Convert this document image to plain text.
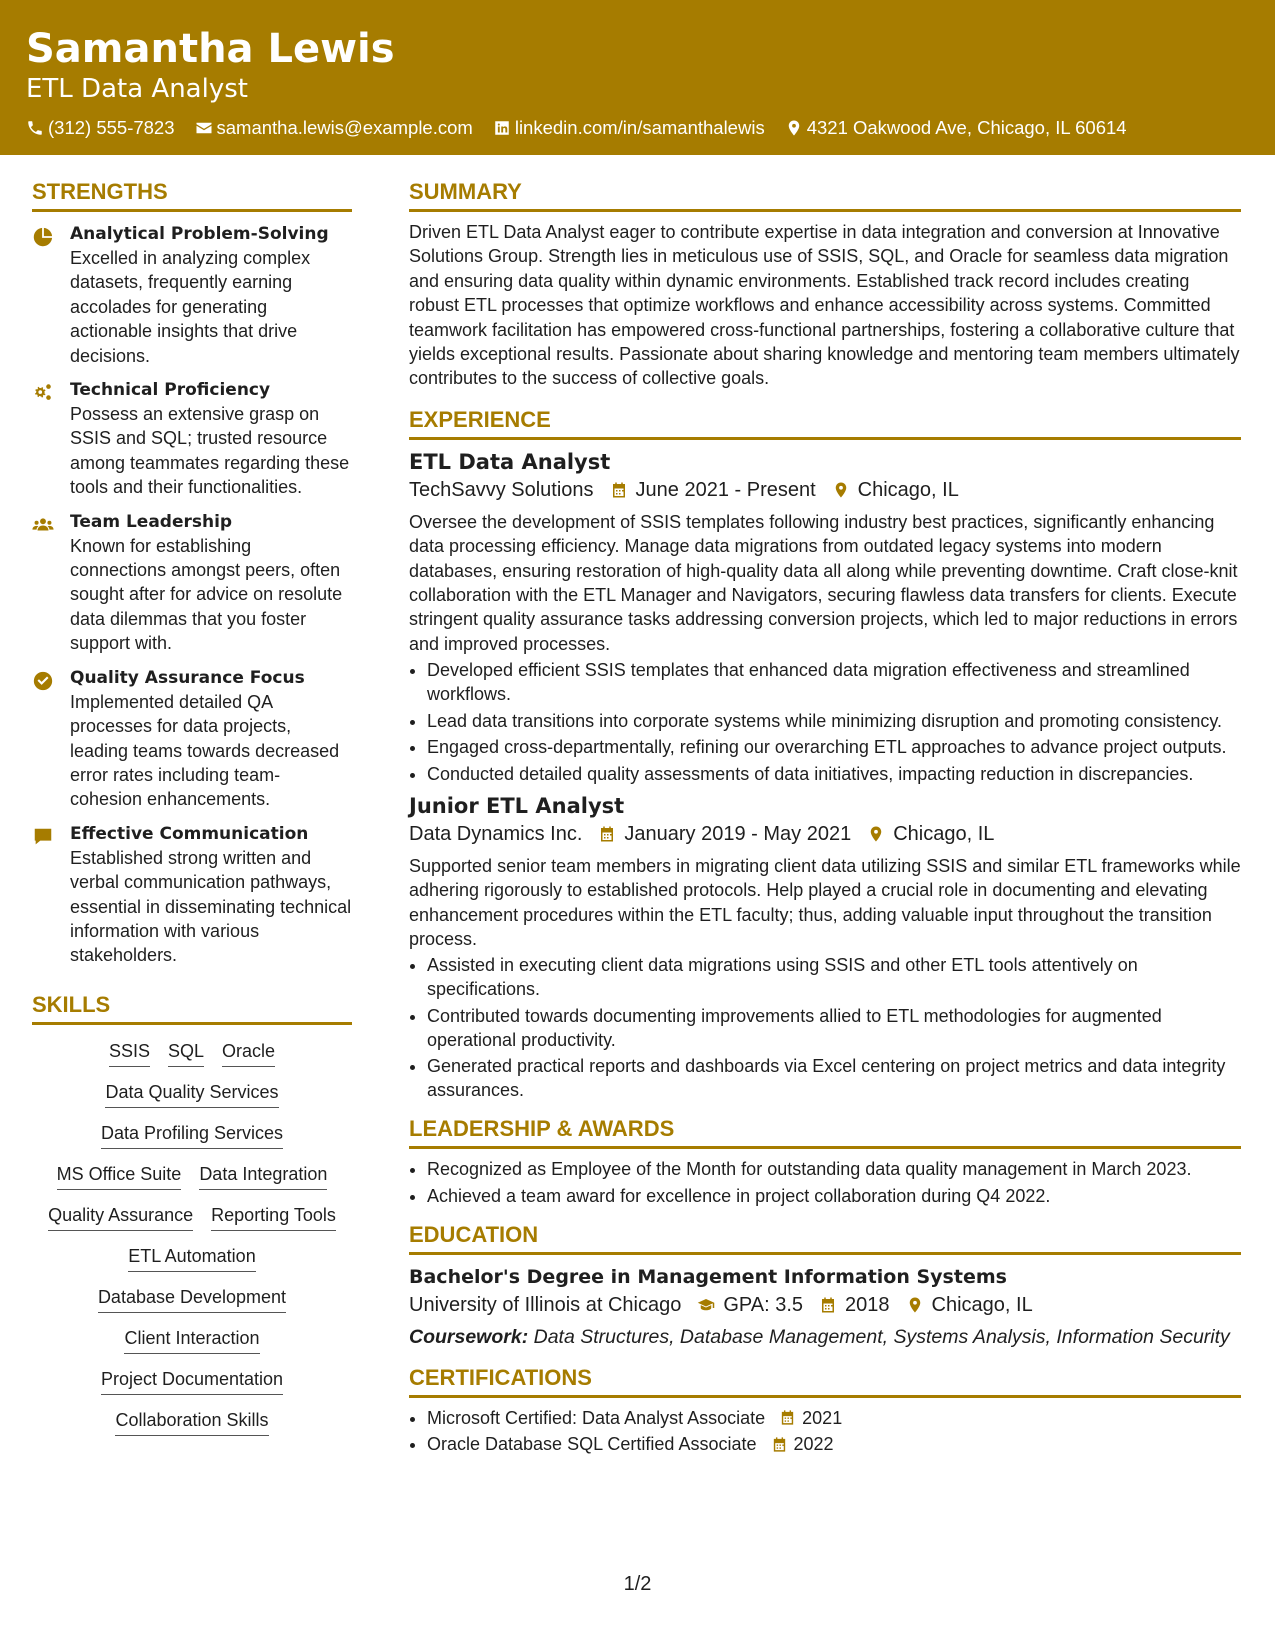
Samantha Lewis
ETL Data Analyst
(312) 555-7823 samantha.lewis@example.com linkedin.com/in/samanthalewis 4321 Oakwood Ave, Chicago, IL 60614
STRENGTHS
Analytical Problem-Solving
Excelled in analyzing complex datasets, frequently earning accolades for generating actionable insights that drive decisions.
Technical Proficiency
Possess an extensive grasp on SSIS and SQL; trusted resource among teammates regarding these tools and their functionalities.
Team Leadership
Known for establishing connections amongst peers, often sought after for advice on resolute data dilemmas that you foster support with.
Quality Assurance Focus
Implemented detailed QA processes for data projects, leading teams towards decreased error rates including team-cohesion enhancements.
Effective Communication
Established strong written and verbal communication pathways, essential in disseminating technical information with various stakeholders.
SKILLS
SSIS SQL Oracle
Data Quality Services
Data Profiling Services
MS Office Suite Data Integration
Quality Assurance Reporting Tools
ETL Automation
Database Development
Client Interaction
Project Documentation
Collaboration Skills
SUMMARY
Driven ETL Data Analyst eager to contribute expertise in data integration and conversion at Innovative Solutions Group. Strength lies in meticulous use of SSIS, SQL, and Oracle for seamless data migration and ensuring data quality within dynamic environments. Established track record includes creating robust ETL processes that optimize workflows and enhance accessibility across systems. Committed teamwork facilitation has empowered cross-functional partnerships, fostering a collaborative culture that yields exceptional results. Passionate about sharing knowledge and mentoring team members ultimately contributes to the success of collective goals.
EXPERIENCE
ETL Data Analyst
TechSavvy Solutions June 2021 - Present Chicago, IL
Oversee the development of SSIS templates following industry best practices, significantly enhancing data processing efficiency. Manage data migrations from outdated legacy systems into modern databases, ensuring restoration of high-quality data all along while preventing downtime. Craft close-knit collaboration with the ETL Manager and Navigators, securing flawless data transfers for clients. Execute stringent quality assurance tasks addressing conversion projects, which led to major reductions in errors and improved processes.
• Developed efficient SSIS templates that enhanced data migration effectiveness and streamlined workflows.
• Lead data transitions into corporate systems while minimizing disruption and promoting consistency.
• Engaged cross-departmentally, refining our overarching ETL approaches to advance project outputs.
• Conducted detailed quality assessments of data initiatives, impacting reduction in discrepancies.
Junior ETL Analyst
Data Dynamics Inc. January 2019 - May 2021 Chicago, IL
Supported senior team members in migrating client data utilizing SSIS and similar ETL frameworks while adhering rigorously to established protocols. Help played a crucial role in documenting and elevating enhancement procedures within the ETL faculty; thus, adding valuable input throughout the transition process.
• Assisted in executing client data migrations using SSIS and other ETL tools attentively on specifications.
• Contributed towards documenting improvements allied to ETL methodologies for augmented operational productivity.
• Generated practical reports and dashboards via Excel centering on project metrics and data integrity assurances.
LEADERSHIP & AWARDS
• Recognized as Employee of the Month for outstanding data quality management in March 2023.
• Achieved a team award for excellence in project collaboration during Q4 2022.
EDUCATION
Bachelor's Degree in Management Information Systems
University of Illinois at Chicago GPA: 3.5 2018 Chicago, IL
Coursework: Data Structures, Database Management, Systems Analysis, Information Security
CERTIFICATIONS
• Microsoft Certified: Data Analyst Associate 2021
• Oracle Database SQL Certified Associate 2022
1/2
